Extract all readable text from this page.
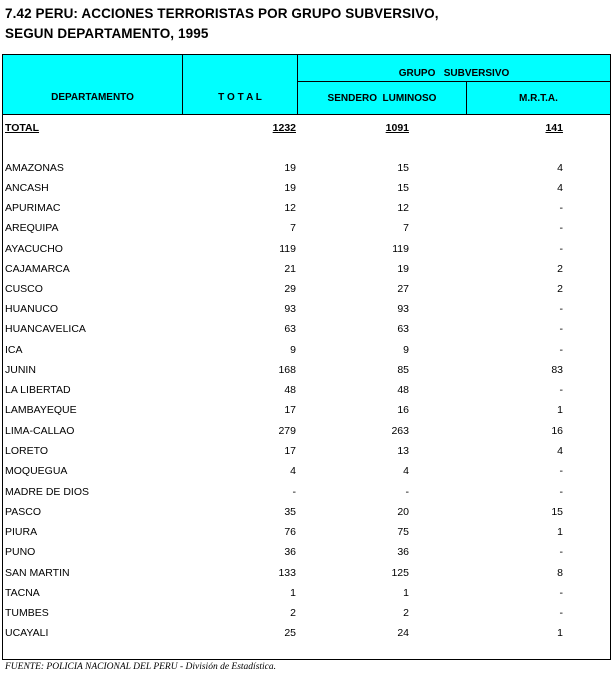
7.42 PERU: ACCIONES TERRORISTAS POR GRUPO SUBVERSIVO,
SEGUN DEPARTAMENTO, 1995
DEPARTAMENTO	T O T A L
GRUPO   SUBVERSIVO
SENDERO  LUMINOSO	M.R.T.A.
TOTAL	1232	1091	141
AMAZONAS	19	15	4
ANCASH	19	15	4
APURIMAC	12	12	-
AREQUIPA	7	7	-
AYACUCHO	119	119	-
CAJAMARCA	21	19	2
CUSCO	29	27	2
HUANUCO	93	93	-
HUANCAVELICA	63	63	-
ICA	9	9	-
JUNIN	168	85	83
LA LIBERTAD	48	48	-
LAMBAYEQUE	17	16	1
LIMA-CALLAO	279	263	16
LORETO	17	13	4
MOQUEGUA	4	4	-
MADRE DE DIOS	-	-	-
PASCO	35	20	15
PIURA	76	75	1
PUNO	36	36	-
SAN MARTIN	133	125	8
TACNA	1	1	-
TUMBES	2	2	-
UCAYALI	25	24	1
FUENTE: POLICIA NACIONAL DEL PERU - División de Estadística.
